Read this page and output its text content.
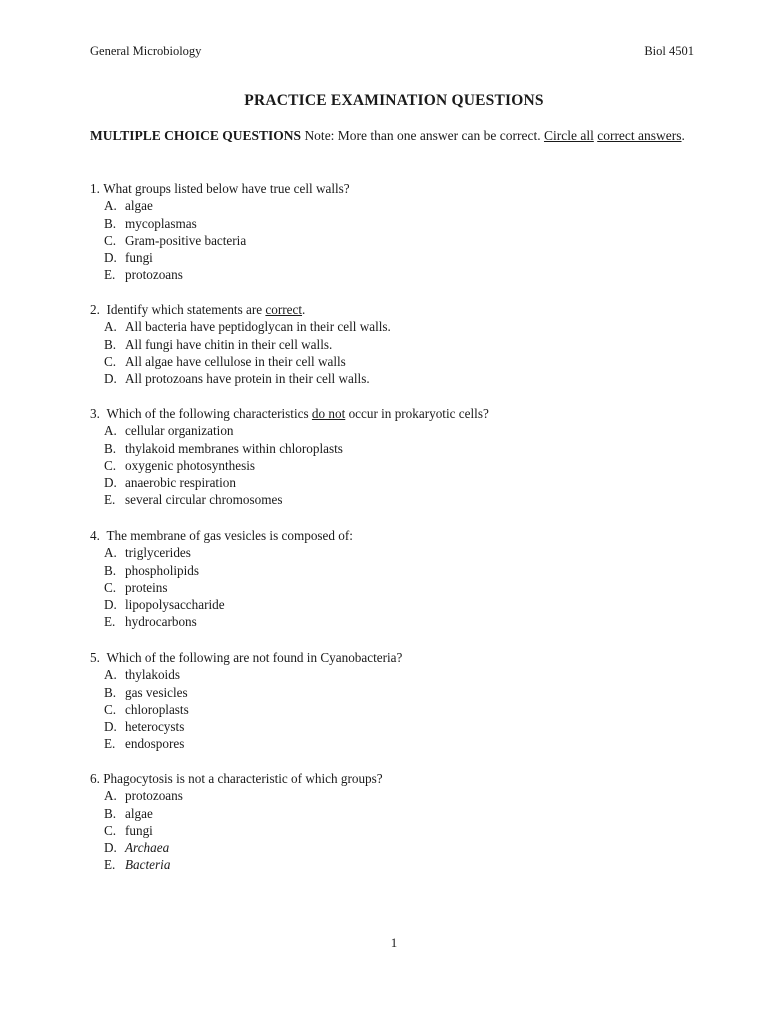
General Microbiology	Biol 4501
PRACTICE EXAMINATION QUESTIONS
MULTIPLE CHOICE QUESTIONS Note: More than one answer can be correct. Circle all correct answers.
1. What groups listed below have true cell walls?
A. algae
B. mycoplasmas
C. Gram-positive bacteria
D. fungi
E. protozoans
2. Identify which statements are correct.
A. All bacteria have peptidoglycan in their cell walls.
B. All fungi have chitin in their cell walls.
C. All algae have cellulose in their cell walls
D. All protozoans have protein in their cell walls.
3. Which of the following characteristics do not occur in prokaryotic cells?
A. cellular organization
B. thylakoid membranes within chloroplasts
C. oxygenic photosynthesis
D. anaerobic respiration
E. several circular chromosomes
4. The membrane of gas vesicles is composed of:
A. triglycerides
B. phospholipids
C. proteins
D. lipopolysaccharide
E. hydrocarbons
5. Which of the following are not found in Cyanobacteria?
A. thylakoids
B. gas vesicles
C. chloroplasts
D. heterocysts
E. endospores
6. Phagocytosis is not a characteristic of which groups?
A. protozoans
B. algae
C. fungi
D. Archaea
E. Bacteria
1
